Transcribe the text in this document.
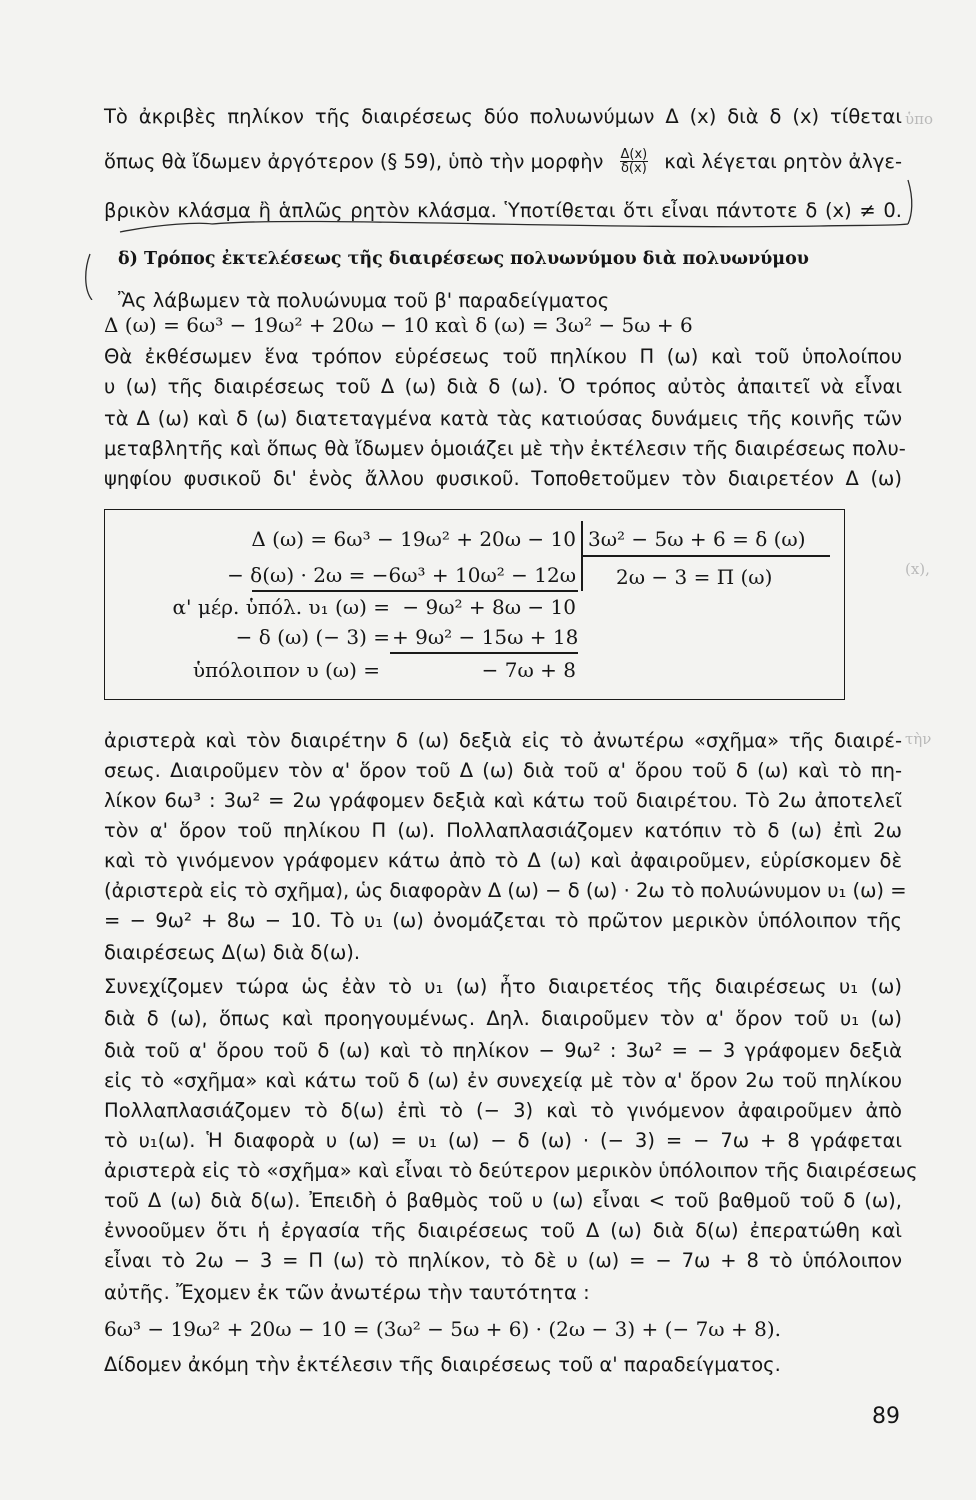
ὑπο
(x),
τὴν
Τὸ ἀκριβὲς πηλίκον τῆς διαιρέσεως δύο πολυωνύμων Δ (x) διὰ δ (x) τίθεται
ὅπως θὰ ἴδωμεν ἀργότερον (§ 59), ὑπὸ τὴν μορφὴν $\frac{\Delta(x)}{\delta(x)}$ καὶ λέγεται ρητὸν ἀλγε-
βρικὸν κλάσμα ἢ ἁπλῶς ρητὸν κλάσμα. Ὑποτίθεται ὅτι εἶναι πάντοτε δ (x) ≠ 0.
δ) Τρόπος ἐκτελέσεως τῆς διαιρέσεως πολυωνύμου διὰ πολυωνύμου
Ἂς λάβωμεν τὰ πολυώνυμα τοῦ β' παραδείγματος
Δ (ω) = 6ω³ − 19ω² + 20ω − 10 καὶ δ (ω) = 3ω² − 5ω + 6
Θὰ ἐκθέσωμεν ἕνα τρόπον εὑρέσεως τοῦ πηλίκου Π (ω) καὶ τοῦ ὑπολοίπου
υ (ω) τῆς διαιρέσεως τοῦ Δ (ω) διὰ δ (ω). Ὁ τρόπος αὐτὸς ἀπαιτεῖ νὰ εἶναι
τὰ Δ (ω) καὶ δ (ω) διατεταγμένα κατὰ τὰς κατιούσας δυνάμεις τῆς κοινῆς τῶν
μεταβλητῆς καὶ ὅπως θὰ ἴδωμεν ὁμοιάζει μὲ τὴν ἐκτέλεσιν τῆς διαιρέσεως πολυ-
ψηφίου φυσικοῦ δι' ἑνὸς ἄλλου φυσικοῦ. Τοποθετοῦμεν τὸν διαιρετέον Δ (ω)
Δ (ω) = 6ω³ − 19ω² + 20ω − 10 3ω² − 5ω + 6 = δ (ω)
− δ(ω) · 2ω = −6ω³ + 10ω² − 12ω 2ω − 3 = Π (ω)
α' μέρ. ὑπόλ. υ₁ (ω) = − 9ω² + 8ω − 10
− δ (ω) (− 3) = + 9ω² − 15ω + 18
ὑπόλοιπον υ (ω) =	− 7ω + 8
ἀριστερὰ καὶ τὸν διαιρέτην δ (ω) δεξιὰ εἰς τὸ ἀνωτέρω «σχῆμα» τῆς διαιρέ-
σεως. Διαιροῦμεν τὸν α' ὅρον τοῦ Δ (ω) διὰ τοῦ α' ὅρου τοῦ δ (ω) καὶ τὸ πη-
λίκον 6ω³ : 3ω² = 2ω γράφομεν δεξιὰ καὶ κάτω τοῦ διαιρέτου. Τὸ 2ω ἀποτελεῖ
τὸν α' ὅρον τοῦ πηλίκου Π (ω). Πολλαπλασιάζομεν κατόπιν τὸ δ (ω) ἐπὶ 2ω
καὶ τὸ γινόμενον γράφομεν κάτω ἀπὸ τὸ Δ (ω) καὶ ἀφαιροῦμεν, εὑρίσκομεν δὲ
(ἀριστερὰ εἰς τὸ σχῆμα), ὡς διαφορὰν Δ (ω) − δ (ω) · 2ω τὸ πολυώνυμον υ₁ (ω) =
= − 9ω² + 8ω − 10. Τὸ υ₁ (ω) ὀνομάζεται τὸ πρῶτον μερικὸν ὑπόλοιπον τῆς
διαιρέσεως Δ(ω) διὰ δ(ω).
Συνεχίζομεν τώρα ὡς ἐὰν τὸ υ₁ (ω) ἦτο διαιρετέος τῆς διαιρέσεως υ₁ (ω)
διὰ δ (ω), ὅπως καὶ προηγουμένως. Δηλ. διαιροῦμεν τὸν α' ὅρον τοῦ υ₁ (ω)
διὰ τοῦ α' ὅρου τοῦ δ (ω) καὶ τὸ πηλίκον − 9ω² : 3ω² = − 3 γράφομεν δεξιὰ
εἰς τὸ «σχῆμα» καὶ κάτω τοῦ δ (ω) ἐν συνεχείᾳ μὲ τὸν α' ὅρον 2ω τοῦ πηλίκου
Πολλαπλασιάζομεν τὸ δ(ω) ἐπὶ τὸ (− 3) καὶ τὸ γινόμενον ἀφαιροῦμεν ἀπὸ
τὸ υ₁(ω). Ἡ διαφορὰ υ (ω) = υ₁ (ω) − δ (ω) · (− 3) = − 7ω + 8 γράφεται
ἀριστερὰ εἰς τὸ «σχῆμα» καὶ εἶναι τὸ δεύτερον μερικὸν ὑπόλοιπον τῆς διαιρέσεως
τοῦ Δ (ω) διὰ δ(ω). Ἐπειδὴ ὁ βαθμὸς τοῦ υ (ω) εἶναι < τοῦ βαθμοῦ τοῦ δ (ω),
ἐννοοῦμεν ὅτι ἡ ἐργασία τῆς διαιρέσεως τοῦ Δ (ω) διὰ δ(ω) ἐπερατώθη καὶ
εἶναι τὸ 2ω − 3 = Π (ω) τὸ πηλίκον, τὸ δὲ υ (ω) = − 7ω + 8 τὸ ὑπόλοιπον
αὐτῆς. Ἔχομεν ἐκ τῶν ἀνωτέρω τὴν ταυτότητα :
6ω³ − 19ω² + 20ω − 10 = (3ω² − 5ω + 6) · (2ω − 3) + (− 7ω + 8).
Δίδομεν ἀκόμη τὴν ἐκτέλεσιν τῆς διαιρέσεως τοῦ α' παραδείγματος.
89
